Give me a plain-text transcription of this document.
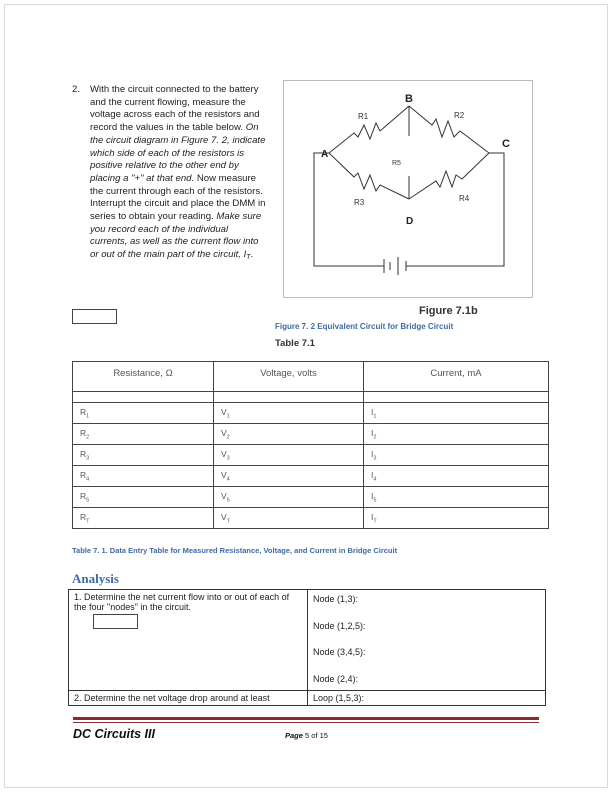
2. With the circuit connected to the battery and the current flowing, measure the voltage across each of the resistors and record the values in the table below. On the circuit diagram in Figure 7. 2, indicate which side of each of the resistors is positive relative to the other end by placing a "+" at that end. Now measure the current through each of the resistors. Interrupt the circuit and place the DMM in series to obtain your reading. Make sure you record each of the individual currents, as well as the current flow into or out of the main part of the circuit, $I_T$.

A
B
C
D
R1	R2
R3	R4
R5
Figure 7.1b
Figure 7. 2 Equivalent Circuit for Bridge Circuit
Table 7.1
Resistance, Ω	Voltage, volts	Current, mA

$R_1$	$V_1$	$I_1$
$R_2$	$V_2$	$I_2$
$R_3$	$V_3$	$I_3$
$R_4$	$V_4$	$I_4$
$R_5$	$V_5$	$I_5$
$R_T$	$V_T$	$I_T$
Table 7. 1. Data Entry Table for Measured Resistance, Voltage, and Current in Bridge Circuit
Analysis
1. Determine the net current flow into or out of each of the four "nodes" in the circuit.	Node (1,3):
Node (1,2,5):
Node (3,4,5):
Node (2,4):

2. Determine the net voltage drop around at least	Loop (1,5,3):
DC Circuits III	Page 5 of 15
